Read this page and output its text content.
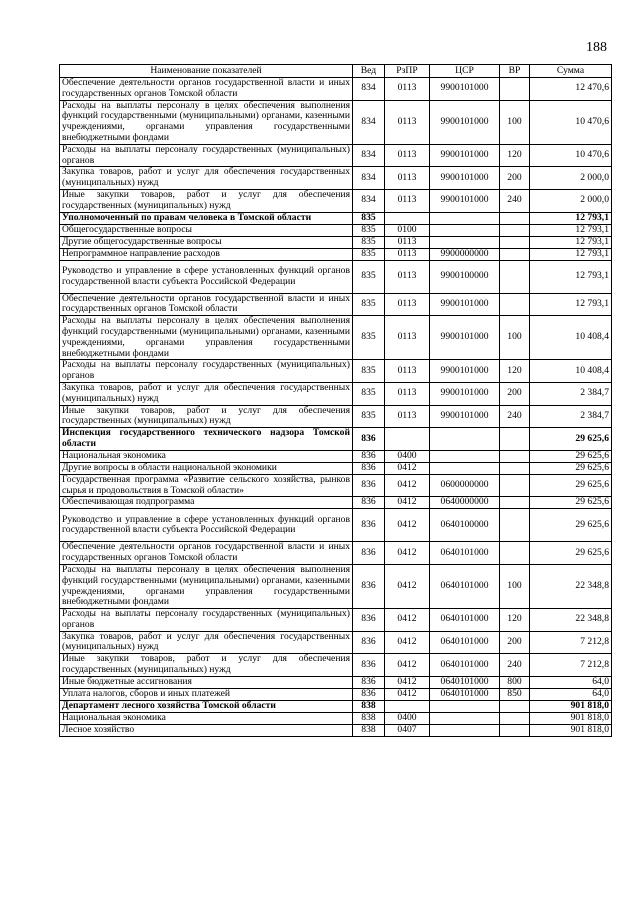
188
Наименование показателей	Вед	РзПР	ЦСР	ВР	Сумма
Обеспечение деятельности органов государственной власти и иных государственных органов Томской области	834	0113	9900101000		12 470,6
Расходы на выплаты персоналу в целях обеспечения выполнения функций государственными (муниципальными) органами, казенными учреждениями, органами управления государственными внебюджетными фондами	834	0113	9900101000	100	10 470,6
Расходы на выплаты персоналу государственных (муниципальных) органов	834	0113	9900101000	120	10 470,6
Закупка товаров, работ и услуг для обеспечения государственных (муниципальных) нужд	834	0113	9900101000	200	2 000,0
Иные закупки товаров, работ и услуг для обеспечения государственных (муниципальных) нужд	834	0113	9900101000	240	2 000,0
Уполномоченный по правам человека в Томской области	835				12 793,1
Общегосударственные вопросы	835	0100			12 793,1
Другие общегосударственные вопросы	835	0113			12 793,1
Непрограммное направление расходов	835	0113	9900000000		12 793,1
Руководство и управление в сфере установленных функций органов государственной власти субъекта Российской Федерации	835	0113	9900100000		12 793,1
Обеспечение деятельности органов государственной власти и иных государственных органов Томской области	835	0113	9900101000		12 793,1
Расходы на выплаты персоналу в целях обеспечения выполнения функций государственными (муниципальными) органами, казенными учреждениями, органами управления государственными внебюджетными фондами	835	0113	9900101000	100	10 408,4
Расходы на выплаты персоналу государственных (муниципальных) органов	835	0113	9900101000	120	10 408,4
Закупка товаров, работ и услуг для обеспечения государственных (муниципальных) нужд	835	0113	9900101000	200	2 384,7
Иные закупки товаров, работ и услуг для обеспечения государственных (муниципальных) нужд	835	0113	9900101000	240	2 384,7
Инспекция государственного технического надзора Томской области	836				29 625,6
Национальная экономика	836	0400			29 625,6
Другие вопросы в области национальной экономики	836	0412			29 625,6
Государственная программа «Развитие сельского хозяйства, рынков сырья и продовольствия в Томской области»	836	0412	0600000000		29 625,6
Обеспечивающая подпрограмма	836	0412	0640000000		29 625,6
Руководство и управление в сфере установленных функций органов государственной власти субъекта Российской Федерации	836	0412	0640100000		29 625,6
Обеспечение деятельности органов государственной власти и иных государственных органов Томской области	836	0412	0640101000		29 625,6
Расходы на выплаты персоналу в целях обеспечения выполнения функций государственными (муниципальными) органами, казенными учреждениями, органами управления государственными внебюджетными фондами	836	0412	0640101000	100	22 348,8
Расходы на выплаты персоналу государственных (муниципальных) органов	836	0412	0640101000	120	22 348,8
Закупка товаров, работ и услуг для обеспечения государственных (муниципальных) нужд	836	0412	0640101000	200	7 212,8
Иные закупки товаров, работ и услуг для обеспечения государственных (муниципальных) нужд	836	0412	0640101000	240	7 212,8
Иные бюджетные ассигнования	836	0412	0640101000	800	64,0
Уплата налогов, сборов и иных платежей	836	0412	0640101000	850	64,0
Департамент лесного хозяйства Томской области	838				901 818,0
Национальная экономика	838	0400			901 818,0
Лесное хозяйство	838	0407			901 818,0
